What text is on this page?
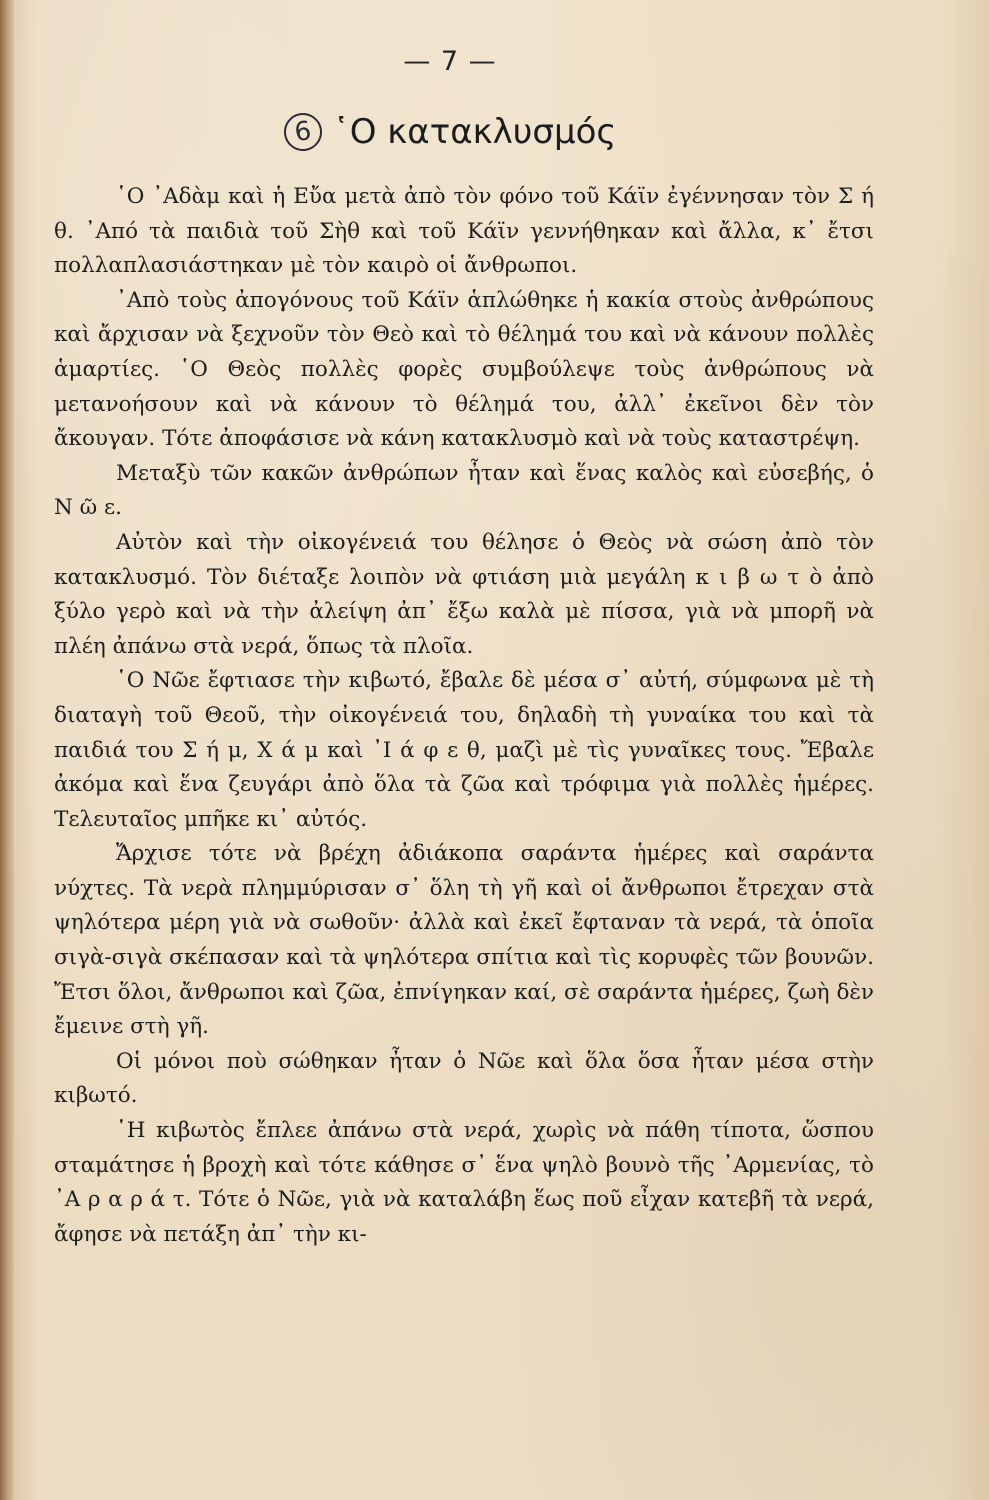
— 7 —
6 ῾Ο κατακλυσμός

῾Ο ᾿Αδὰμ καὶ ἡ Εὔα μετὰ ἀπὸ τὸν φόνο τοῦ Κάϊν ἐγέννησαν τὸν Σ ή θ. ᾿Από τὰ παιδιὰ τοῦ Σὴθ καὶ τοῦ Κάϊν γεννήθηκαν καὶ ἄλλα, κ᾿ ἔτσι πολλαπλασιάστηκαν μὲ τὸν καιρὸ οἱ ἄνθρωποι.

᾿Απὸ τοὺς ἀπογόνους τοῦ Κάϊν ἁπλώθηκε ἡ κακία στοὺς ἀνθρώπους καὶ ἄρχισαν νὰ ξεχνοῦν τὸν Θεὸ καὶ τὸ θέλημά του καὶ νὰ κάνουν πολλὲς ἁμαρτίες. ῾Ο Θεὸς πολλὲς φορὲς συμβούλεψε τοὺς ἀνθρώπους νὰ μετανοήσουν καὶ νὰ κάνουν τὸ θέλημά του, ἀλλ᾿ ἐκεῖνοι δὲν τὸν ἄκουγαν. Τότε ἀποφάσισε νὰ κάνη κατακλυσμὸ καὶ νὰ τοὺς καταστρέψη.

Μεταξὺ τῶν κακῶν ἀνθρώπων ἦταν καὶ ἕνας καλὸς καὶ εὐσεβής, ὁ Ν ῶ ε.

Αὐτὸν καὶ τὴν οἰκογένειά του θέλησε ὁ Θεὸς νὰ σώση ἀπὸ τὸν κατακλυσμό. Τὸν διέταξε λοιπὸν νὰ φτιάση μιὰ μεγάλη κ ι β ω τ ὸ ἀπὸ ξύλο γερὸ καὶ νὰ τὴν ἀλείψη ἀπ᾿ ἔξω καλὰ μὲ πίσσα, γιὰ νὰ μπορῆ νὰ πλέη ἀπάνω στὰ νερά, ὅπως τὰ πλοῖα.

῾Ο Νῶε ἔφτιασε τὴν κιβωτό, ἔβαλε δὲ μέσα σ᾿ αὐτή, σύμφωνα μὲ τὴ διαταγὴ τοῦ Θεοῦ, τὴν οἰκογένειά του, δηλαδὴ τὴ γυναίκα του καὶ τὰ παιδιά του Σ ή μ, Χ ά μ καὶ ᾿Ι ά φ ε θ, μαζὶ μὲ τὶς γυναῖκες τους. Ἔβαλε ἀκόμα καὶ ἕνα ζευγάρι ἀπὸ ὅλα τὰ ζῶα καὶ τρόφιμα γιὰ πολλὲς ἡμέρες. Τελευταῖος μπῆκε κι᾿ αὐτός.

Ἄρχισε τότε νὰ βρέχη ἀδιάκοπα σαράντα ἡμέρες καὶ σαράντα νύχτες. Τὰ νερὰ πλημμύρισαν σ᾿ ὅλη τὴ γῆ καὶ οἱ ἄνθρωποι ἔτρεχαν στὰ ψηλότερα μέρη γιὰ νὰ σωθοῦν· ἀλλὰ καὶ ἐκεῖ ἔφταναν τὰ νερά, τὰ ὁποῖα σιγὰ-σιγὰ σκέπασαν καὶ τὰ ψηλότερα σπίτια καὶ τὶς κορυφὲς τῶν βουνῶν. Ἔτσι ὅλοι, ἄνθρωποι καὶ ζῶα, ἐπνίγηκαν καί, σὲ σαράντα ἡμέρες, ζωὴ δὲν ἔμεινε στὴ γῆ.

Οἱ μόνοι ποὺ σώθηκαν ἦταν ὁ Νῶε καὶ ὅλα ὅσα ἦταν μέσα στὴν κιβωτό.

῾Η κιβωτὸς ἔπλεε ἀπάνω στὰ νερά, χωρὶς νὰ πάθη τίποτα, ὥσπου σταμάτησε ἡ βροχὴ καὶ τότε κάθησε σ᾿ ἕνα ψηλὸ βουνὸ τῆς ᾿Αρμενίας, τὸ ᾿Α ρ α ρ ά τ. Τότε ὁ Νῶε, γιὰ νὰ καταλάβη ἕως ποῦ εἶχαν κατεβῆ τὰ νερά, ἄφησε νὰ πετάξη ἀπ᾿ τὴν κι-
